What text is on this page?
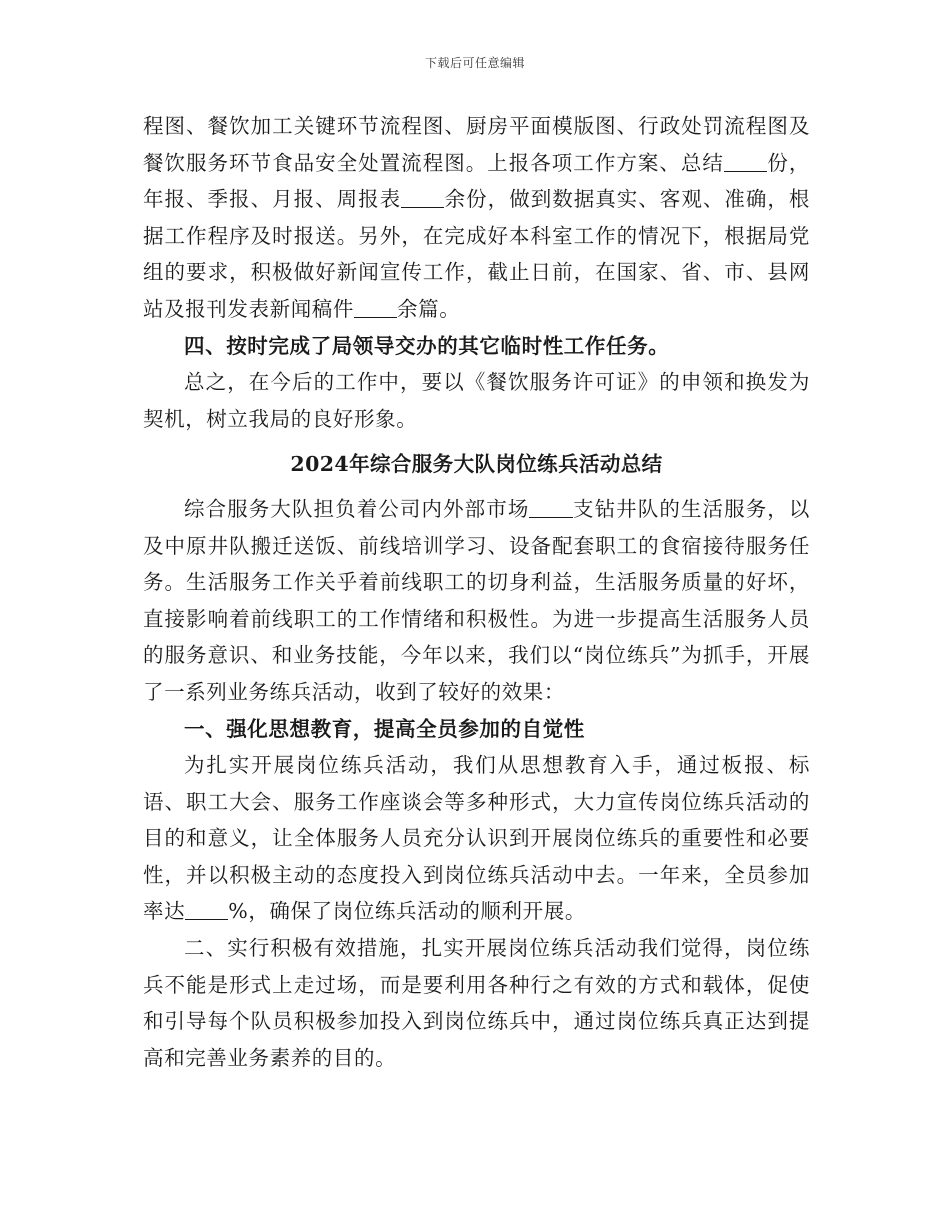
下载后可任意编辑

程图、餐饮加工关键环节流程图、厨房平面模版图、行政处罚流程图及餐饮服务环节食品安全处置流程图。上报各项工作方案、总结 份，年报、季报、月报、周报表 余份，做到数据真实、客观、准确，根据工作程序及时报送。另外，在完成好本科室工作的情况下，根据局党组的要求，积极做好新闻宣传工作，截止日前，在国家、省、市、县网站及报刊发表新闻稿件 余篇。

四、按时完成了局领导交办的其它临时性工作任务。

总之，在今后的工作中，要以《餐饮服务许可证》的申领和换发为契机，树立我局的良好形象。

2024年综合服务大队岗位练兵活动总结

综合服务大队担负着公司内外部市场 支钻井队的生活服务，以及中原井队搬迁送饭、前线培训学习、设备配套职工的食宿接待服务任务。生活服务工作关乎着前线职工的切身利益，生活服务质量的好坏，直接影响着前线职工的工作情绪和积极性。为进一步提高生活服务人员的服务意识、和业务技能，今年以来，我们以“岗位练兵”为抓手，开展了一系列业务练兵活动，收到了较好的效果：

一、强化思想教育，提高全员参加的自觉性

为扎实开展岗位练兵活动，我们从思想教育入手，通过板报、标语、职工大会、服务工作座谈会等多种形式，大力宣传岗位练兵活动的目的和意义，让全体服务人员充分认识到开展岗位练兵的重要性和必要性，并以积极主动的态度投入到岗位练兵活动中去。一年来，全员参加率达 %，确保了岗位练兵活动的顺利开展。

二、实行积极有效措施，扎实开展岗位练兵活动我们觉得，岗位练兵不能是形式上走过场，而是要利用各种行之有效的方式和载体，促使和引导每个队员积极参加投入到岗位练兵中，通过岗位练兵真正达到提高和完善业务素养的目的。
